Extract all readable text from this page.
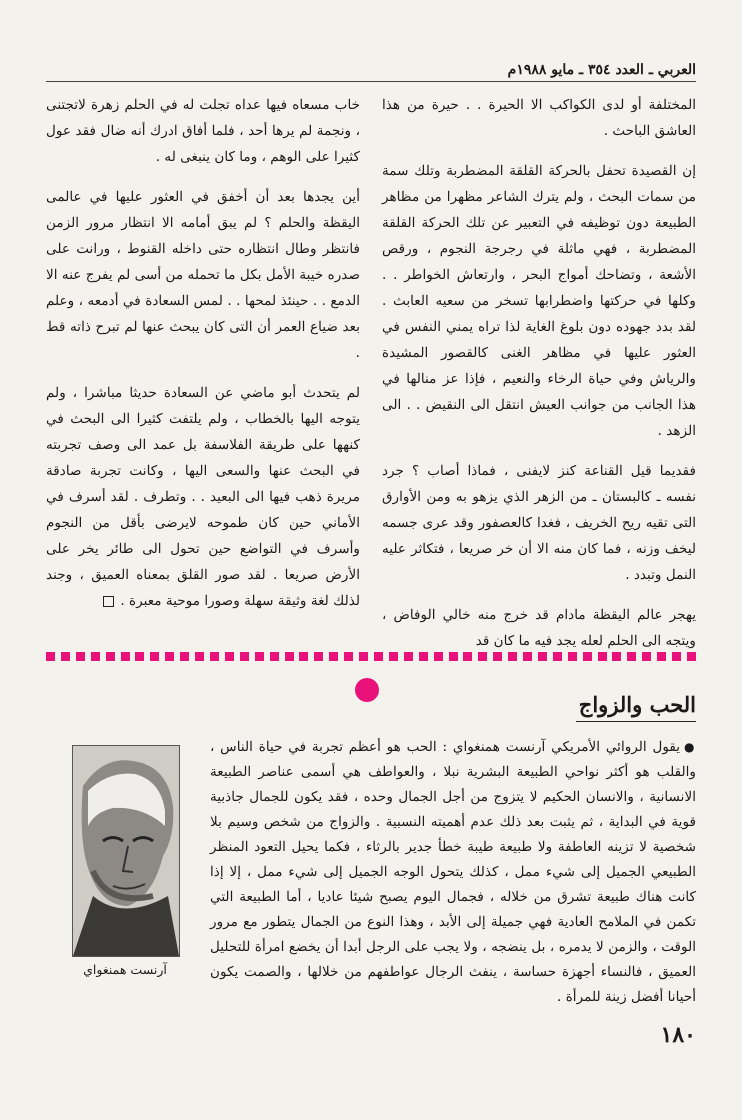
العربي ـ العدد ٣٥٤ ـ مايو ١٩٨٨م

المختلفة أو لدى الكواكب الا الحيرة . . حيرة من هذا العاشق الباحث .

إن القصيدة تحفل بالحركة القلقة المضطربة وتلك سمة من سمات البحث ، ولم يترك الشاعر مظهرا من مظاهر الطبيعة دون توظيفه في التعبير عن تلك الحركة القلقة المضطربة ، فهي ماثلة في رجرجة النجوم ، ورقص الأشعة ، وتضاحك أمواج البحر ، وارتعاش الخواطر . . وكلها في حركتها واضطرابها تسخر من سعيه العابث . لقد بدد جهوده دون بلوغ الغاية لذا تراه يمني النفس في العثور عليها في مظاهر الغنى كالقصور المشيدة والرياش وفي حياة الرخاء والنعيم ، فإذا عز منالها في هذا الجانب من جوانب العيش انتقل الى النقيض . . الى الزهد .

فقديما قيل القناعة كنز لايفنى ، فماذا أصاب ؟ جرد نفسه ـ كالبستان ـ من الزهر الذي يزهو به ومن الأوارق التى تقيه ريح الخريف ، فغدا كالعصفور وقد عرى جسمه ليخف وزنه ، فما كان منه الا أن خر صريعا ، فتكاثر عليه النمل وتبدد .

يهجر عالم اليقظة مادام قد خرج منه خالي الوفاض ، ويتجه الى الحلم لعله يجد فيه ما كان قد

خاب مسعاه فيها عداه تجلت له في الحلم زهرة لاتجتنى ، ونجمة لم يرها أحد ، فلما أفاق ادرك أنه ضال فقد عول كثيرا على الوهم ، وما كان ينبغى له .

أين يجدها بعد أن أخفق في العثور عليها في عالمى اليقظة والحلم ؟ لم يبق أمامه الا انتظار مرور الزمن فانتظر وطال انتظاره حتى داخله القنوط ، ورانت على صدره خيبة الأمل بكل ما تحمله من أسى لم يفرج عنه الا الدمع . . حينئذ لمحها . . لمس السعادة في أدمعه ، وعلم بعد ضياع العمر أن التى كان يبحث عنها لم تبرح ذاته قط .

لم يتحدث أبو ماضي عن السعادة حديثا مباشرا ، ولم يتوجه اليها بالخطاب ، ولم يلتفت كثيرا الى البحث في كنهها على طريقة الفلاسفة بل عمد الى وصف تجربته في البحث عنها والسعى اليها ، وكانت تجربة صادقة مريرة ذهب فيها الى البعيد . . وتطرف . لقد أسرف في الأماني حين كان طموحه لايرضى بأقل من النجوم وأسرف في التواضع حين تحول الى طائر يخر على الأرض صريعا . لقد صور القلق بمعناه العميق ، وجند لذلك لغة وثيقة سهلة وصورا موحية معبرة .

الحب والزواج

●يقول الروائي الأمريكي آرنست همنغواي : الحب هو أعظم تجربة في حياة الناس ، والقلب هو أكثر نواحي الطبيعة البشرية نبلا ، والعواطف هي أسمى عناصر الطبيعة الانسانية ، والانسان الحكيم لا يتزوج من أجل الجمال وحده ، فقد يكون للجمال جاذبية قوية في البداية ، ثم يثبت بعد ذلك عدم أهميته النسبية . والزواج من شخص وسيم بلا شخصية لا تزينه العاطفة ولا طبيعة طيبة خطأ جدير بالرثاء ، فكما يحيل التعود المنظر الطبيعي الجميل إلى شيء ممل ، كذلك يتحول الوجه الجميل إلى شيء ممل ، إلا إذا كانت هناك طبيعة تشرق من خلاله ، فجمال اليوم يصبح شيئا عاديا ، أما الطبيعة التي تكمن في الملامح العادية فهي جميلة إلى الأبد ، وهذا النوع من الجمال يتطور مع مرور الوقت ، والزمن لا يدمره ، بل ينضجه ، ولا يجب على الرجل أبدا أن يخضع امرأة للتحليل العميق ، فالنساء أجهزة حساسة ، ينفث الرجال عواطفهم من خلالها ، والصمت يكون أحيانا أفضل زينة للمرأة .

آرنست همنغواي
١٨٠
